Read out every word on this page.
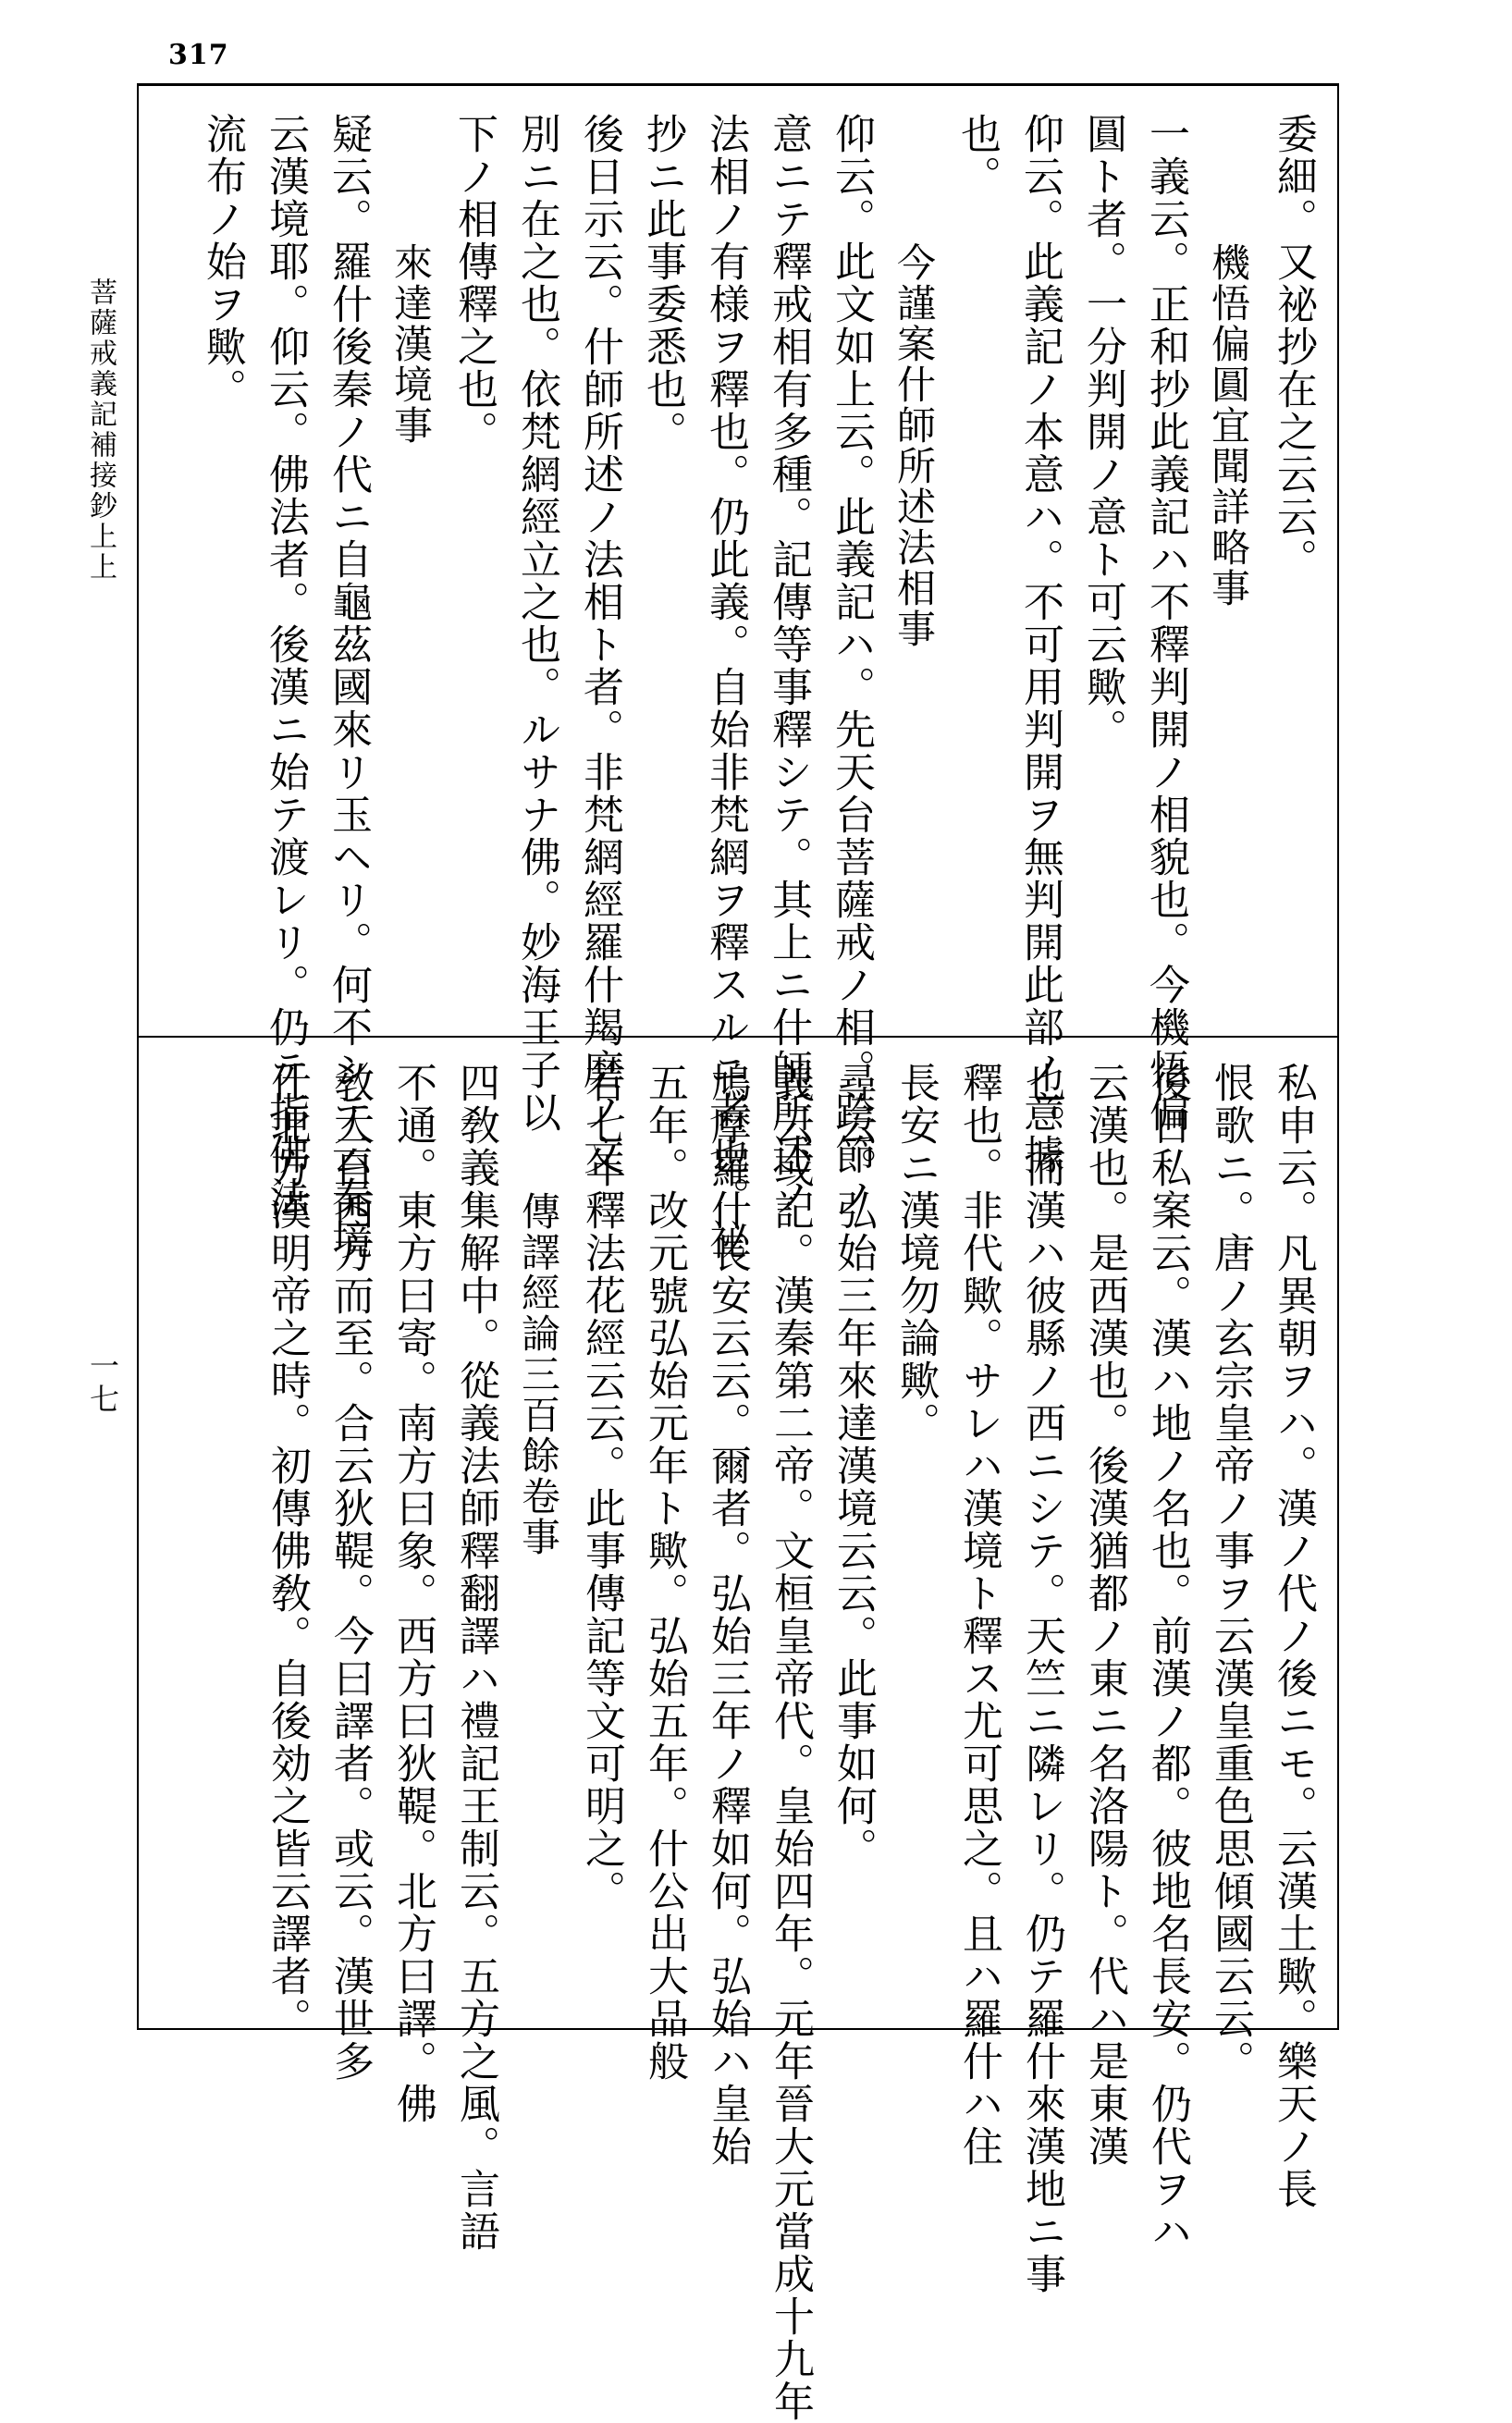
317
菩薩戒義記補接鈔上上
一七
委細。又祕抄在之云云。
機悟偏圓宜聞詳略事
一義云。正和抄此義記ハ不釋判開ノ相貌也。今機悟偏
圓ト者。一分判開ノ意ト可云歟。
仰云。此義記ノ本意ハ。不可用判開ヲ無判開此部ノ意據
也。
今謹案什師所述法相事
仰云。此文如上云。此義記ハ。先天台菩薩戒ノ相。跨節ノ
意ニテ釋戒相有多種。記傳等事釋シテ。其上ニ什師所述ノ
法相ノ有様ヲ釋也。仍此義。自始非梵網ヲ釋スルニ者也。祕
抄ニ此事委悉也。
後日示云。什師所述ノ法相ト者。非梵網經羅什羯磨ノ文
別ニ在之也。依梵網經立之也。ルサナ佛。妙海王子以
下ノ相傳釋之也。
來達漢境事
疑云。羅什後秦ノ代ニ自龜茲國來リ玉ヘリ。何不シテ云秦境
云漢境耶。仰云。佛法者。後漢ニ始テ渡レリ。仍テ指佛法
流布ノ始ヲ歟。
私申云。凡異朝ヲハ。漢ノ代ノ後ニモ。云漢土歟。樂天ノ長
恨歌ニ。唐ノ玄宗皇帝ノ事ヲ云漢皇重色思傾國云云。
後日私案云。漢ハ地ノ名也。前漢ノ都。彼地名長安。仍代ヲハ
云漢也。是西漢也。後漢猶都ノ東ニ名洛陽ト。代ハ是東漢
也。而漢ハ彼縣ノ西ニシテ。天竺ニ隣レリ。仍テ羅什來漢地ニ事
釋也。非代歟。サレハ漢境ト釋ス尤可思之。且ハ羅什ハ住
長安ニ漢境勿論歟。
尋云。弘始三年來達漢境云云。此事如何。
義云或記。漢秦第二帝。文桓皇帝代。皇始四年。元年晉大元當成十九年
鳩摩羅什長安云云。爾者。弘始三年ノ釋如何。弘始ハ皇始
五年。改元號弘始元年ト歟。弘始五年。什公出大品般
若七年釋法花經云云。此事傳記等文可明之。
傳譯經論三百餘卷事
四敎義集解中。從義法師釋翻譯ハ禮記王制云。五方之風。言語
不通。東方曰寄。南方曰象。西方曰狄鞮。北方曰譯。佛
敎大自西方而至。合云狄鞮。今曰譯者。或云。漢世多
仕北方漢明帝之時。初傳佛敎。自後効之皆云譯者。
